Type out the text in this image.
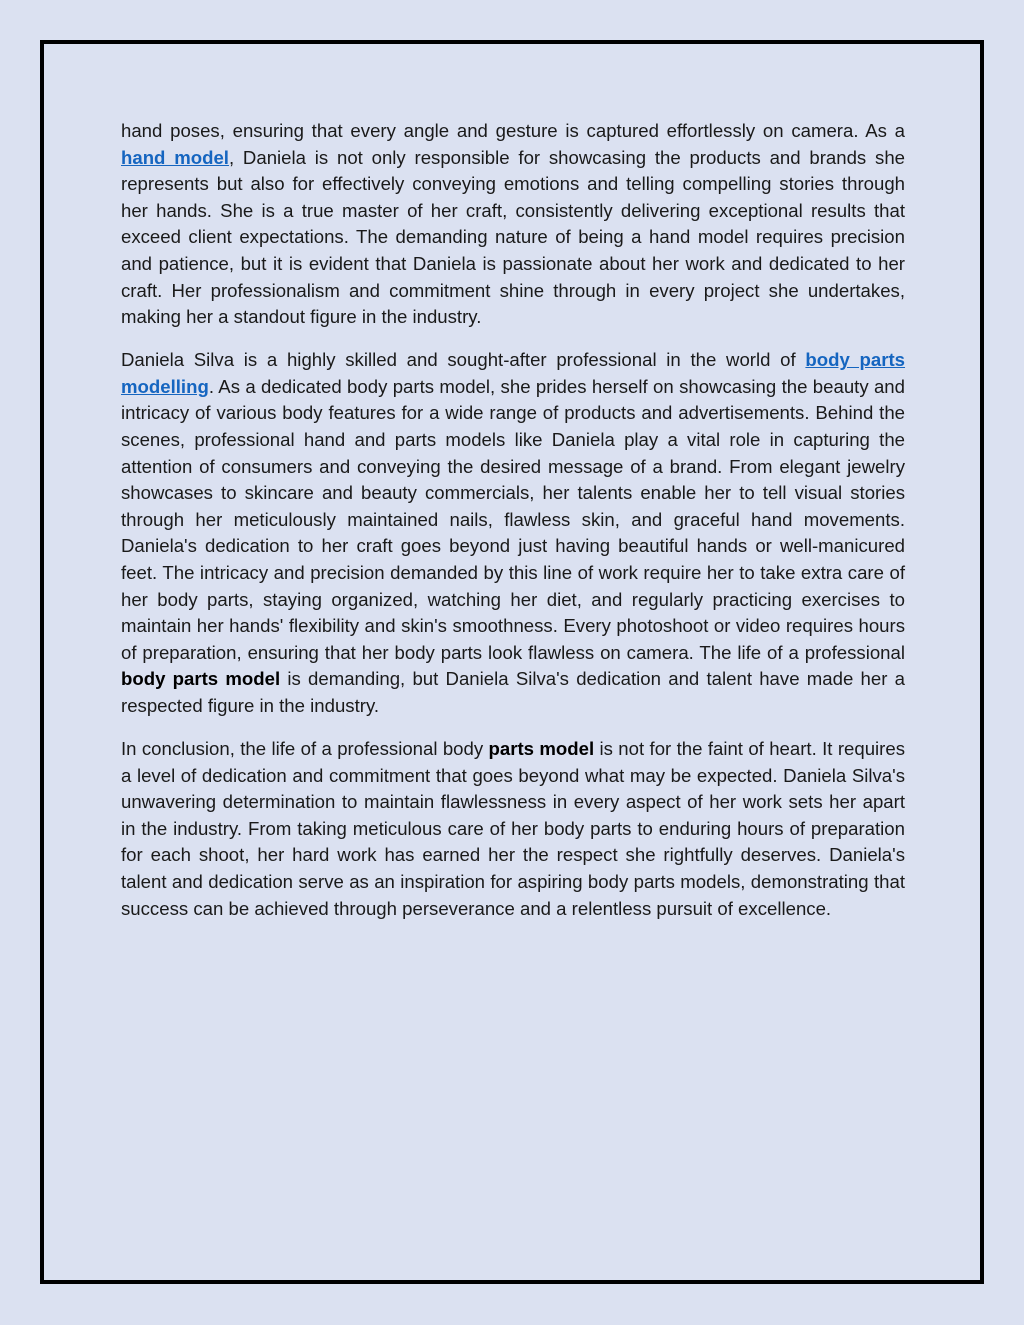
hand poses, ensuring that every angle and gesture is captured effortlessly on camera. As a hand model, Daniela is not only responsible for showcasing the products and brands she represents but also for effectively conveying emotions and telling compelling stories through her hands. She is a true master of her craft, consistently delivering exceptional results that exceed client expectations. The demanding nature of being a hand model requires precision and patience, but it is evident that Daniela is passionate about her work and dedicated to her craft. Her professionalism and commitment shine through in every project she undertakes, making her a standout figure in the industry.

Daniela Silva is a highly skilled and sought-after professional in the world of body parts modelling. As a dedicated body parts model, she prides herself on showcasing the beauty and intricacy of various body features for a wide range of products and advertisements. Behind the scenes, professional hand and parts models like Daniela play a vital role in capturing the attention of consumers and conveying the desired message of a brand. From elegant jewelry showcases to skincare and beauty commercials, her talents enable her to tell visual stories through her meticulously maintained nails, flawless skin, and graceful hand movements. Daniela's dedication to her craft goes beyond just having beautiful hands or well-manicured feet. The intricacy and precision demanded by this line of work require her to take extra care of her body parts, staying organized, watching her diet, and regularly practicing exercises to maintain her hands' flexibility and skin's smoothness. Every photoshoot or video requires hours of preparation, ensuring that her body parts look flawless on camera. The life of a professional body parts model is demanding, but Daniela Silva's dedication and talent have made her a respected figure in the industry.

In conclusion, the life of a professional body parts model is not for the faint of heart. It requires a level of dedication and commitment that goes beyond what may be expected. Daniela Silva's unwavering determination to maintain flawlessness in every aspect of her work sets her apart in the industry. From taking meticulous care of her body parts to enduring hours of preparation for each shoot, her hard work has earned her the respect she rightfully deserves. Daniela's talent and dedication serve as an inspiration for aspiring body parts models, demonstrating that success can be achieved through perseverance and a relentless pursuit of excellence.
